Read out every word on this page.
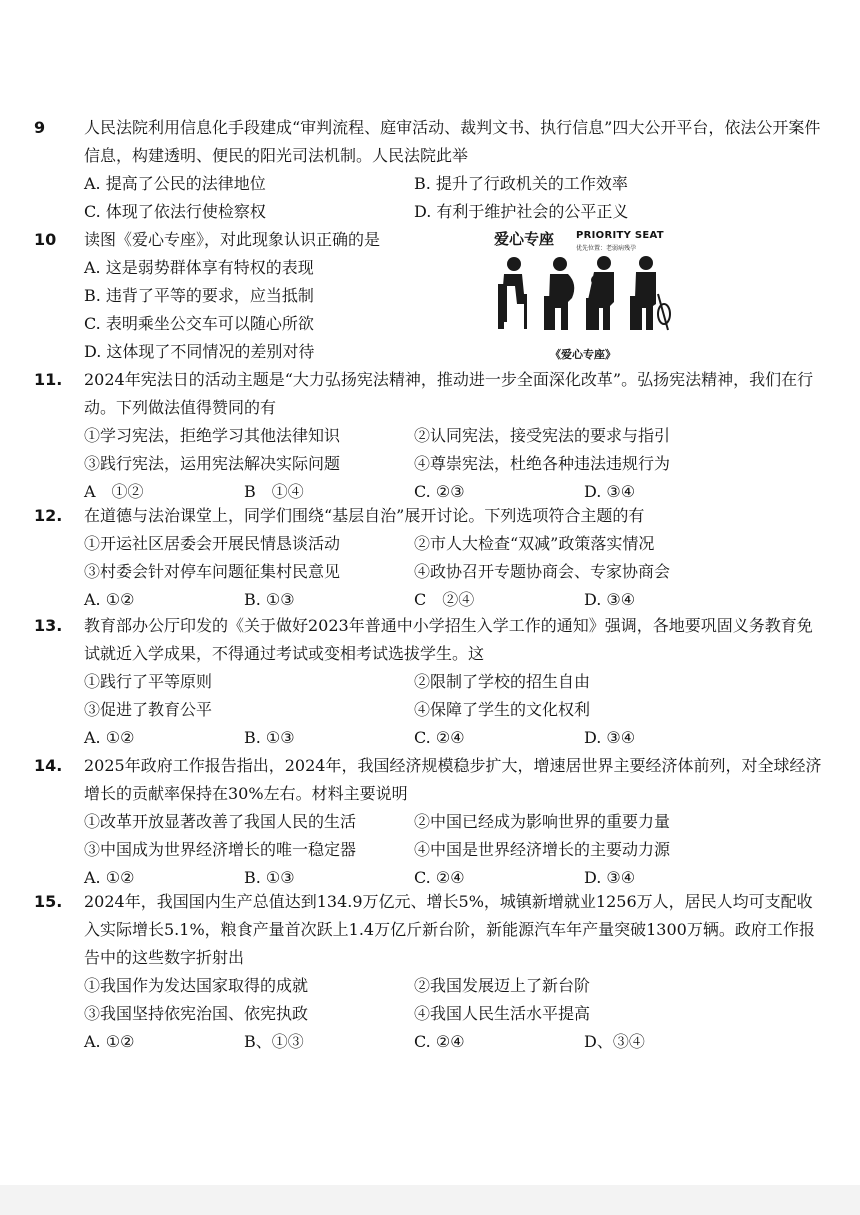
9	人民法院利用信息化手段建成“审判流程、庭审活动、裁判文书、执行信息”四大公开平台，依法公开案件信息，构建透明、便民的阳光司法机制。人民法院此举
A. 提高了公民的法律地位	B. 提升了行政机关的工作效率
C. 体现了依法行使检察权	D. 有利于维护社会的公平正义
10	读图《爱心专座》，对此现象认识正确的是
A. 这是弱势群体享有特权的表现
B. 违背了平等的要求，应当抵制
C. 表明乘坐公交车可以随心所欲
D. 这体现了不同情况的差别对待
爱心专座 PRIORITY SEAT
优先位置：老弱病残孕
《爱心专座》
11.	2024年宪法日的活动主题是“大力弘扬宪法精神，推动进一步全面深化改革”。弘扬宪法精神，我们在行动。下列做法值得赞同的有
①学习宪法，拒绝学习其他法律知识	②认同宪法，接受宪法的要求与指引
③践行宪法，运用宪法解决实际问题	④尊崇宪法，杜绝各种违法违规行为
A　①②	B　①④	C. ②③	D. ③④
12.	在道德与法治课堂上，同学们围绕“基层自治”展开讨论。下列选项符合主题的有
①开运社区居委会开展民情恳谈活动	②市人大检查“双减”政策落实情况
③村委会针对停车问题征集村民意见	④政协召开专题协商会、专家协商会
A. ①②	B. ①③	C　②④	D. ③④
13.	教育部办公厅印发的《关于做好2023年普通中小学招生入学工作的通知》强调，各地要巩固义务教育免试就近入学成果，不得通过考试或变相考试选拔学生。这
①践行了平等原则	②限制了学校的招生自由
③促进了教育公平	④保障了学生的文化权利
A. ①②	B. ①③	C. ②④	D. ③④
14.	2025年政府工作报告指出，2024年，我国经济规模稳步扩大，增速居世界主要经济体前列，对全球经济增长的贡献率保持在30%左右。材料主要说明
①改革开放显著改善了我国人民的生活	②中国已经成为影响世界的重要力量
③中国成为世界经济增长的唯一稳定器	④中国是世界经济增长的主要动力源
A. ①②	B. ①③	C. ②④	D. ③④
15.	2024年，我国国内生产总值达到134.9万亿元、增长5%，城镇新增就业1256万人，居民人均可支配收入实际增长5.1%，粮食产量首次跃上1.4万亿斤新台阶，新能源汽车年产量突破1300万辆。政府工作报告中的这些数字折射出
①我国作为发达国家取得的成就	②我国发展迈上了新台阶
③我国坚持依宪治国、依宪执政	④我国人民生活水平提高
A. ①②	B、①③	C. ②④	D、③④
